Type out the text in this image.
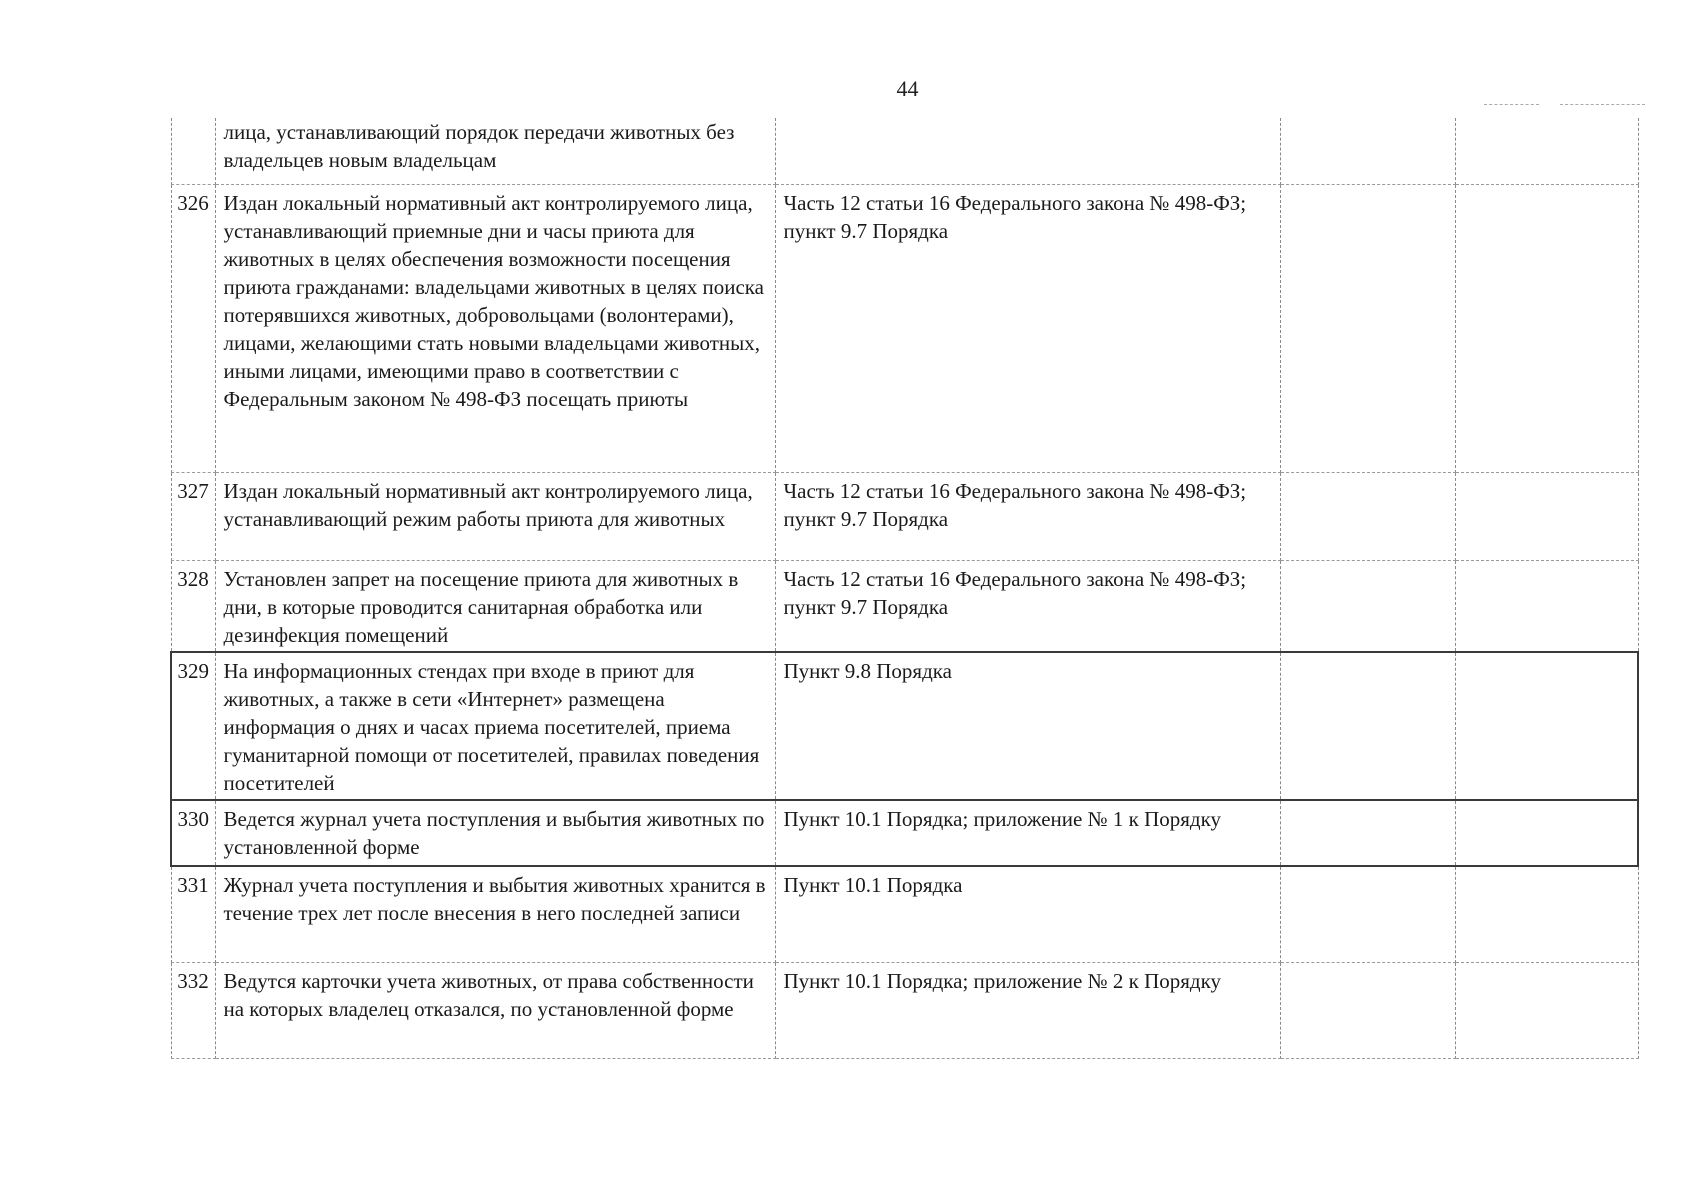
44
	лица, устанавливающий порядок передачи животных без владельцев новым владельцам			
326	Издан локальный нормативный акт контролируемого лица, устанавливающий приемные дни и часы приюта для животных в целях обеспечения возможности посещения приюта гражданами: владельцами животных в целях поиска потерявшихся животных, добровольцами (волонтерами), лицами, желающими стать новыми владельцами животных, иными лицами, имеющими право в соответствии с Федеральным законом № 498-ФЗ посещать приюты	Часть 12 статьи 16 Федерального закона № 498-ФЗ; пункт 9.7 Порядка		
327	Издан локальный нормативный акт контролируемого лица, устанавливающий режим работы приюта для животных	Часть 12 статьи 16 Федерального закона № 498-ФЗ; пункт 9.7 Порядка		
328	Установлен запрет на посещение приюта для животных в дни, в которые проводится санитарная обработка или дезинфекция помещений	Часть 12 статьи 16 Федерального закона № 498-ФЗ; пункт 9.7 Порядка		
329	На информационных стендах при входе в приют для животных, а также в сети «Интернет» размещена информация о днях и часах приема посетителей, приема гуманитарной помощи от посетителей, правилах поведения посетителей	Пункт 9.8 Порядка		
330	Ведется журнал учета поступления и выбытия животных по установленной форме	Пункт 10.1 Порядка; приложение № 1 к Порядку		
331	Журнал учета поступления и выбытия животных хранится в течение трех лет после внесения в него последней записи	Пункт 10.1 Порядка		
332	Ведутся карточки учета животных, от права собственности на которых владелец отказался, по установленной форме	Пункт 10.1 Порядка; приложение № 2 к Порядку		
